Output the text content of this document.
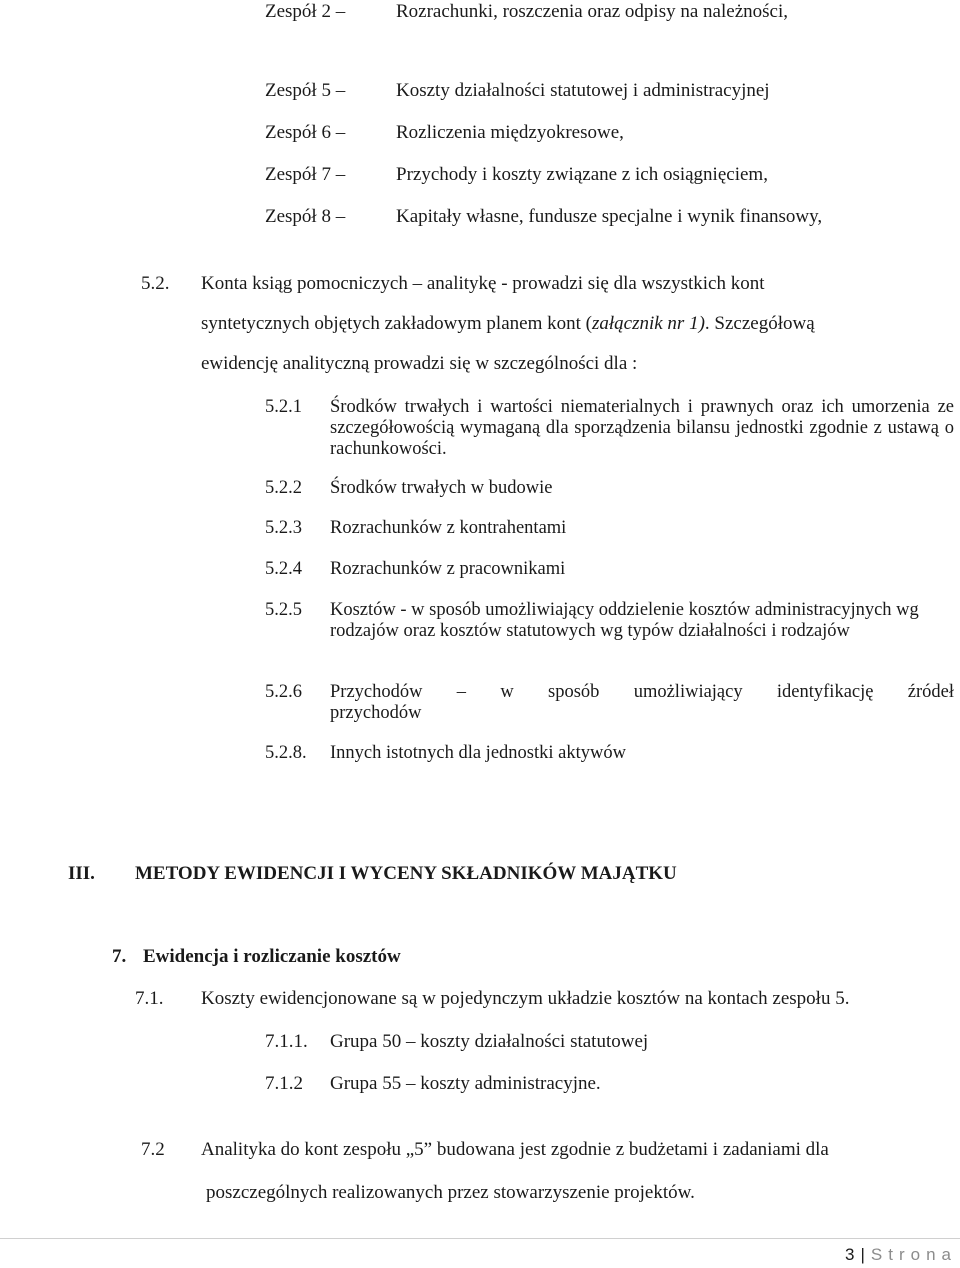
Zespół 2 –	Rozrachunki, roszczenia oraz odpisy na należności,
Zespół 5 –	Koszty działalności statutowej i administracyjnej
Zespół 6 –	Rozliczenia międzyokresowe,
Zespół 7 –	Przychody i koszty związane z ich osiągnięciem,
Zespół 8 –	Kapitały własne, fundusze specjalne i wynik finansowy,
5.2. Konta ksiąg pomocniczych – analitykę - prowadzi się dla wszystkich kont
syntetycznych objętych zakładowym planem kont (załącznik nr 1). Szczegółową
ewidencję analityczną prowadzi się w szczególności dla :
5.2.1 Środków trwałych i wartości niematerialnych i prawnych oraz ich umorzenia ze szczegółowością wymaganą dla sporządzenia bilansu jednostki zgodnie z ustawą o rachunkowości.
5.2.2 Środków trwałych w budowie
5.2.3 Rozrachunków z kontrahentami
5.2.4 Rozrachunków z pracownikami
5.2.5 Kosztów - w sposób umożliwiający oddzielenie kosztów administracyjnych wg rodzajów oraz kosztów statutowych wg typów działalności i rodzajów
5.2.6 Przychodów – w sposób umożliwiający identyfikację źródeł
przychodów
5.2.8. Innych istotnych dla jednostki aktywów
III. METODY EWIDENCJI I WYCENY SKŁADNIKÓW MAJĄTKU
7. Ewidencja i rozliczanie kosztów
7.1. Koszty ewidencjonowane są w pojedynczym układzie kosztów na kontach zespołu 5.
7.1.1. Grupa 50 – koszty działalności statutowej
7.1.2 Grupa 55 – koszty administracyjne.
7.2 Analityka do kont zespołu „5” budowana jest zgodnie z budżetami i zadaniami dla
poszczególnych realizowanych przez stowarzyszenie projektów.
3 | Strona
